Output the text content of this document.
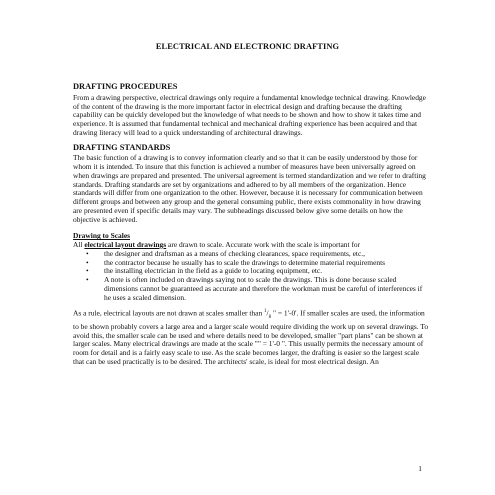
ELECTRICAL AND ELECTRONIC DRAFTING
DRAFTING PROCEDURES

From a drawing perspective, electrical drawings only require a fundamental knowledge technical drawing. Knowledge of the content of the drawing is the more important factor in electrical design and drafting because the drafting capability can be quickly developed but the knowledge of what needs to be shown and how to show it takes time and experience. It is assumed that fundamental technical and mechanical drafting experience has been acquired and that drawing literacy will lead to a quick understanding of architectural drawings.

DRAFTING STANDARDS

The basic function of a drawing is to convey information clearly and so that it can be easily understood by those for whom it is intended. To insure that this function is achieved a number of measures have been universally agreed on when drawings are prepared and presented. The universal agreement is termed standardization and we refer to drafting standards. Drafting standards are set by organizations and adhered to by all members of the organization. Hence standards will differ from one organization to the other. However, because it is necessary for communication between different groups and between any group and the general consuming public, there exists commonality in how drawing are presented even if specific details may vary. The subheadings discussed below give some details on how the objective is achieved.

Drawing to Scales

All electrical layout drawings are drawn to scale. Accurate work with the scale is important for

• the designer and draftsman as a means of checking clearances, space requirements, etc.,
• the contractor because he usually has to scale the drawings to determine material requirements
• the installing electrician in the field as a guide to locating equipment, etc.
• A note is often included on drawings saying not to scale the drawings. This is done because scaled dimensions cannot be guaranteed as accurate and therefore the workman must be careful of interferences if he uses a scaled dimension.

As a rule, electrical layouts are not drawn at scales smaller than $^1/_8$ " = 1'-0'. If smaller scales are used, the information to be shown probably covers a large area and a larger scale would require dividing the work up on several drawings. To avoid this, the smaller scale can be used and where details need to be developed, smaller "part plans" can be shown at larger scales. Many electrical drawings are made at the scale "" = 1'-0 ". This usually permits the necessary amount of room for detail and is a fairly easy scale to use. As the scale becomes larger, the drafting is easier so the largest scale that can be used practically is to be desired. The architects' scale, is ideal for most electrical design. An

1
